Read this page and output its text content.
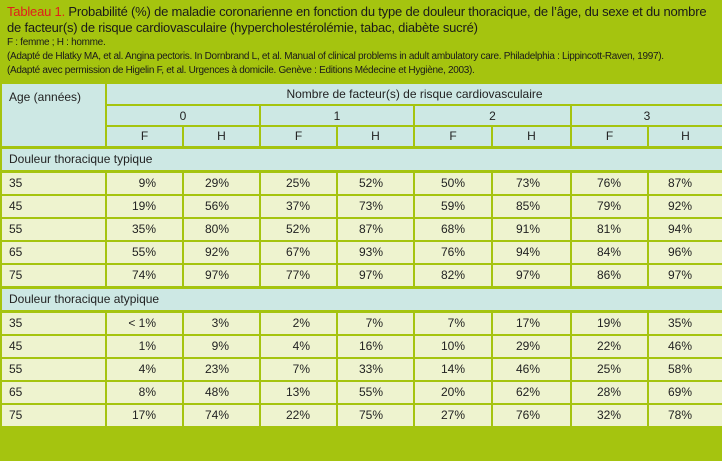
Tableau 1. Probabilité (%) de maladie coronarienne en fonction du type de douleur thoracique, de l’âge, du sexe et du nombre de facteur(s) de risque cardiovasculaire (hypercholestérolémie, tabac, diabète sucré)
F : femme ; H : homme.
(Adapté de Hlatky MA, et al. Angina pectoris. In Dornbrand L, et al. Manual of clinical problems in adult ambulatory care. Philadelphia : Lippincott-Raven, 1997).
(Adapté avec permission de Higelin F, et al. Urgences à domicile. Genève : Editions Médecine et Hygiène, 2003).
Age (années)	Nombre de facteur(s) de risque cardiovasculaire							
	0		1		2		3	
	F	H	F	H	F	H	F	H
Douleur thoracique typique								
35	9%	29%	25%	52%	50%	73%	76%	87%
45	19%	56%	37%	73%	59%	85%	79%	92%
55	35%	80%	52%	87%	68%	91%	81%	94%
65	55%	92%	67%	93%	76%	94%	84%	96%
75	74%	97%	77%	97%	82%	97%	86%	97%
Douleur thoracique atypique								
35	< 1%	3%	2%	7%	7%	17%	19%	35%
45	1%	9%	4%	16%	10%	29%	22%	46%
55	4%	23%	7%	33%	14%	46%	25%	58%
65	8%	48%	13%	55%	20%	62%	28%	69%
75	17%	74%	22%	75%	27%	76%	32%	78%
